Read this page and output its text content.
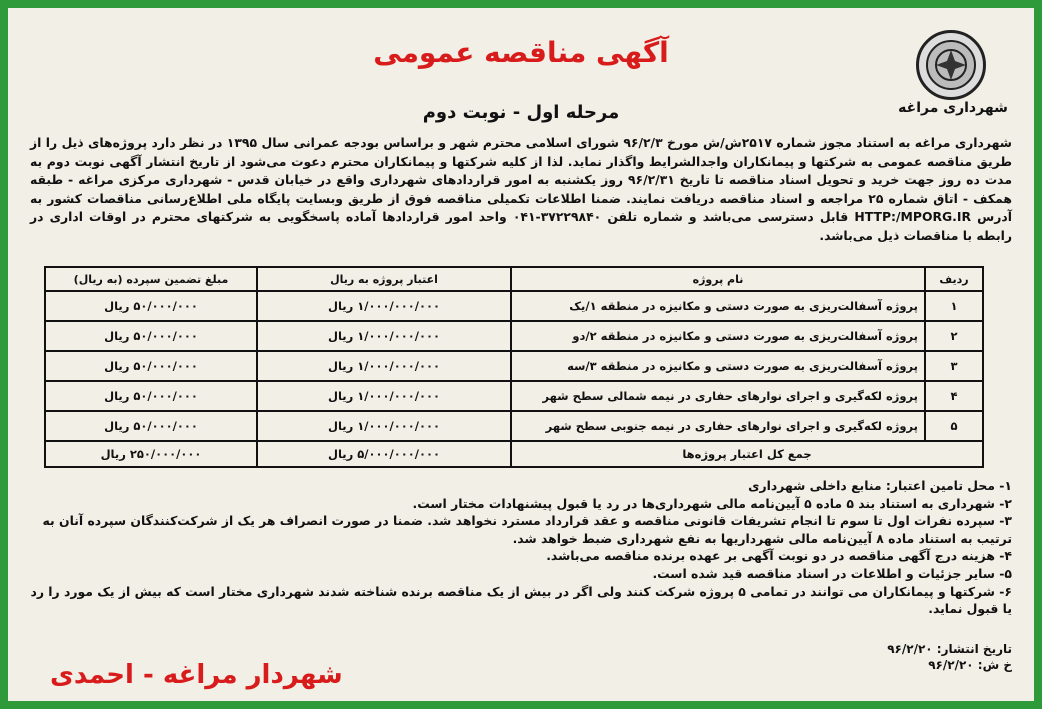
شهرداری مراغه
آگهی مناقصه عمومی
مرحله اول - نوبت دوم
شهرداری مراغه به استناد مجوز شماره ۲۵۱۷ش/ش مورخ ۹۶/۲/۳ شورای اسلامی محترم شهر و براساس بودجه عمرانی سال ۱۳۹۵ در نظر دارد پروژه‌های ذیل را از طریق مناقصه عمومی به شرکتها و پیمانکاران واجدالشرایط واگذار نماید. لذا از کلیه شرکتها و پیمانکاران محترم دعوت می‌شود از تاریخ انتشار آگهی نوبت دوم به مدت ده روز جهت خرید و تحویل اسناد مناقصه تا تاریخ ۹۶/۲/۳۱ روز یکشنبه به امور قراردادهای شهرداری واقع در خیابان قدس - شهرداری مرکزی مراغه - طبقه همکف - اتاق شماره ۲۵ مراجعه و اسناد مناقصه دریافت نمایند. ضمنا اطلاعات تکمیلی مناقصه فوق از طریق وبسایت پایگاه ملی اطلاع‌رسانی مناقصات کشور به آدرس HTTP:/MPORG.IR قابل دسترسی می‌باشد و شماره تلفن ۳۷۲۲۹۸۴۰-۰۴۱ واحد امور قراردادها آماده پاسخگویی به شرکتهای محترم در اوقات اداری در رابطه با مناقصات ذیل می‌باشد.
ردیف	نام پروژه	اعتبار پروژه به ریال	مبلغ تضمین سپرده (به ریال)
۱	پروژه آسفالت‌ریزی به صورت دستی و مکانیزه در منطقه ۱/یک	۱/۰۰۰/۰۰۰/۰۰۰ ریال	۵۰/۰۰۰/۰۰۰ ریال
۲	پروژه آسفالت‌ریزی به صورت دستی و مکانیزه در منطقه ۲/دو	۱/۰۰۰/۰۰۰/۰۰۰ ریال	۵۰/۰۰۰/۰۰۰ ریال
۳	پروژه آسفالت‌ریزی به صورت دستی و مکانیزه در منطقه ۳/سه	۱/۰۰۰/۰۰۰/۰۰۰ ریال	۵۰/۰۰۰/۰۰۰ ریال
۴	پروژه لکه‌گیری و اجرای نوارهای حفاری در نیمه شمالی سطح شهر	۱/۰۰۰/۰۰۰/۰۰۰ ریال	۵۰/۰۰۰/۰۰۰ ریال
۵	پروژه لکه‌گیری و اجرای نوارهای حفاری در نیمه جنوبی سطح شهر	۱/۰۰۰/۰۰۰/۰۰۰ ریال	۵۰/۰۰۰/۰۰۰ ریال
جمع کل اعتبار پروژه‌ها		۵/۰۰۰/۰۰۰/۰۰۰ ریال	۲۵۰/۰۰۰/۰۰۰ ریال

۱- محل تامین اعتبار: منابع داخلی شهرداری

۲- شهرداری به استناد بند ۵ ماده ۵ آیین‌نامه مالی شهرداری‌ها در رد یا قبول پیشنهادات مختار است.

۳- سپرده نفرات اول تا سوم تا انجام تشریفات قانونی مناقصه و عقد قرارداد مسترد نخواهد شد. ضمنا در صورت انصراف هر یک از شرکت‌کنندگان سپرده آنان به ترتیب به استناد ماده ۸ آیین‌نامه مالی شهرداریها به نفع شهرداری ضبط خواهد شد.

۴- هزینه درج آگهی مناقصه در دو نوبت آگهی بر عهده برنده مناقصه می‌باشد.

۵- سایر جزئیات و اطلاعات در اسناد مناقصه قید شده است.

۶- شرکتها و پیمانکاران می توانند در تمامی ۵ پروژه شرکت کنند ولی اگر در بیش از یک مناقصه برنده شناخته شدند شهرداری مختار است که بیش از یک مورد را رد یا قبول نماید.

تاریخ انتشار: ۹۶/۲/۲۰

خ ش: ۹۶/۲/۲۰

شهردار مراغه - احمدی
